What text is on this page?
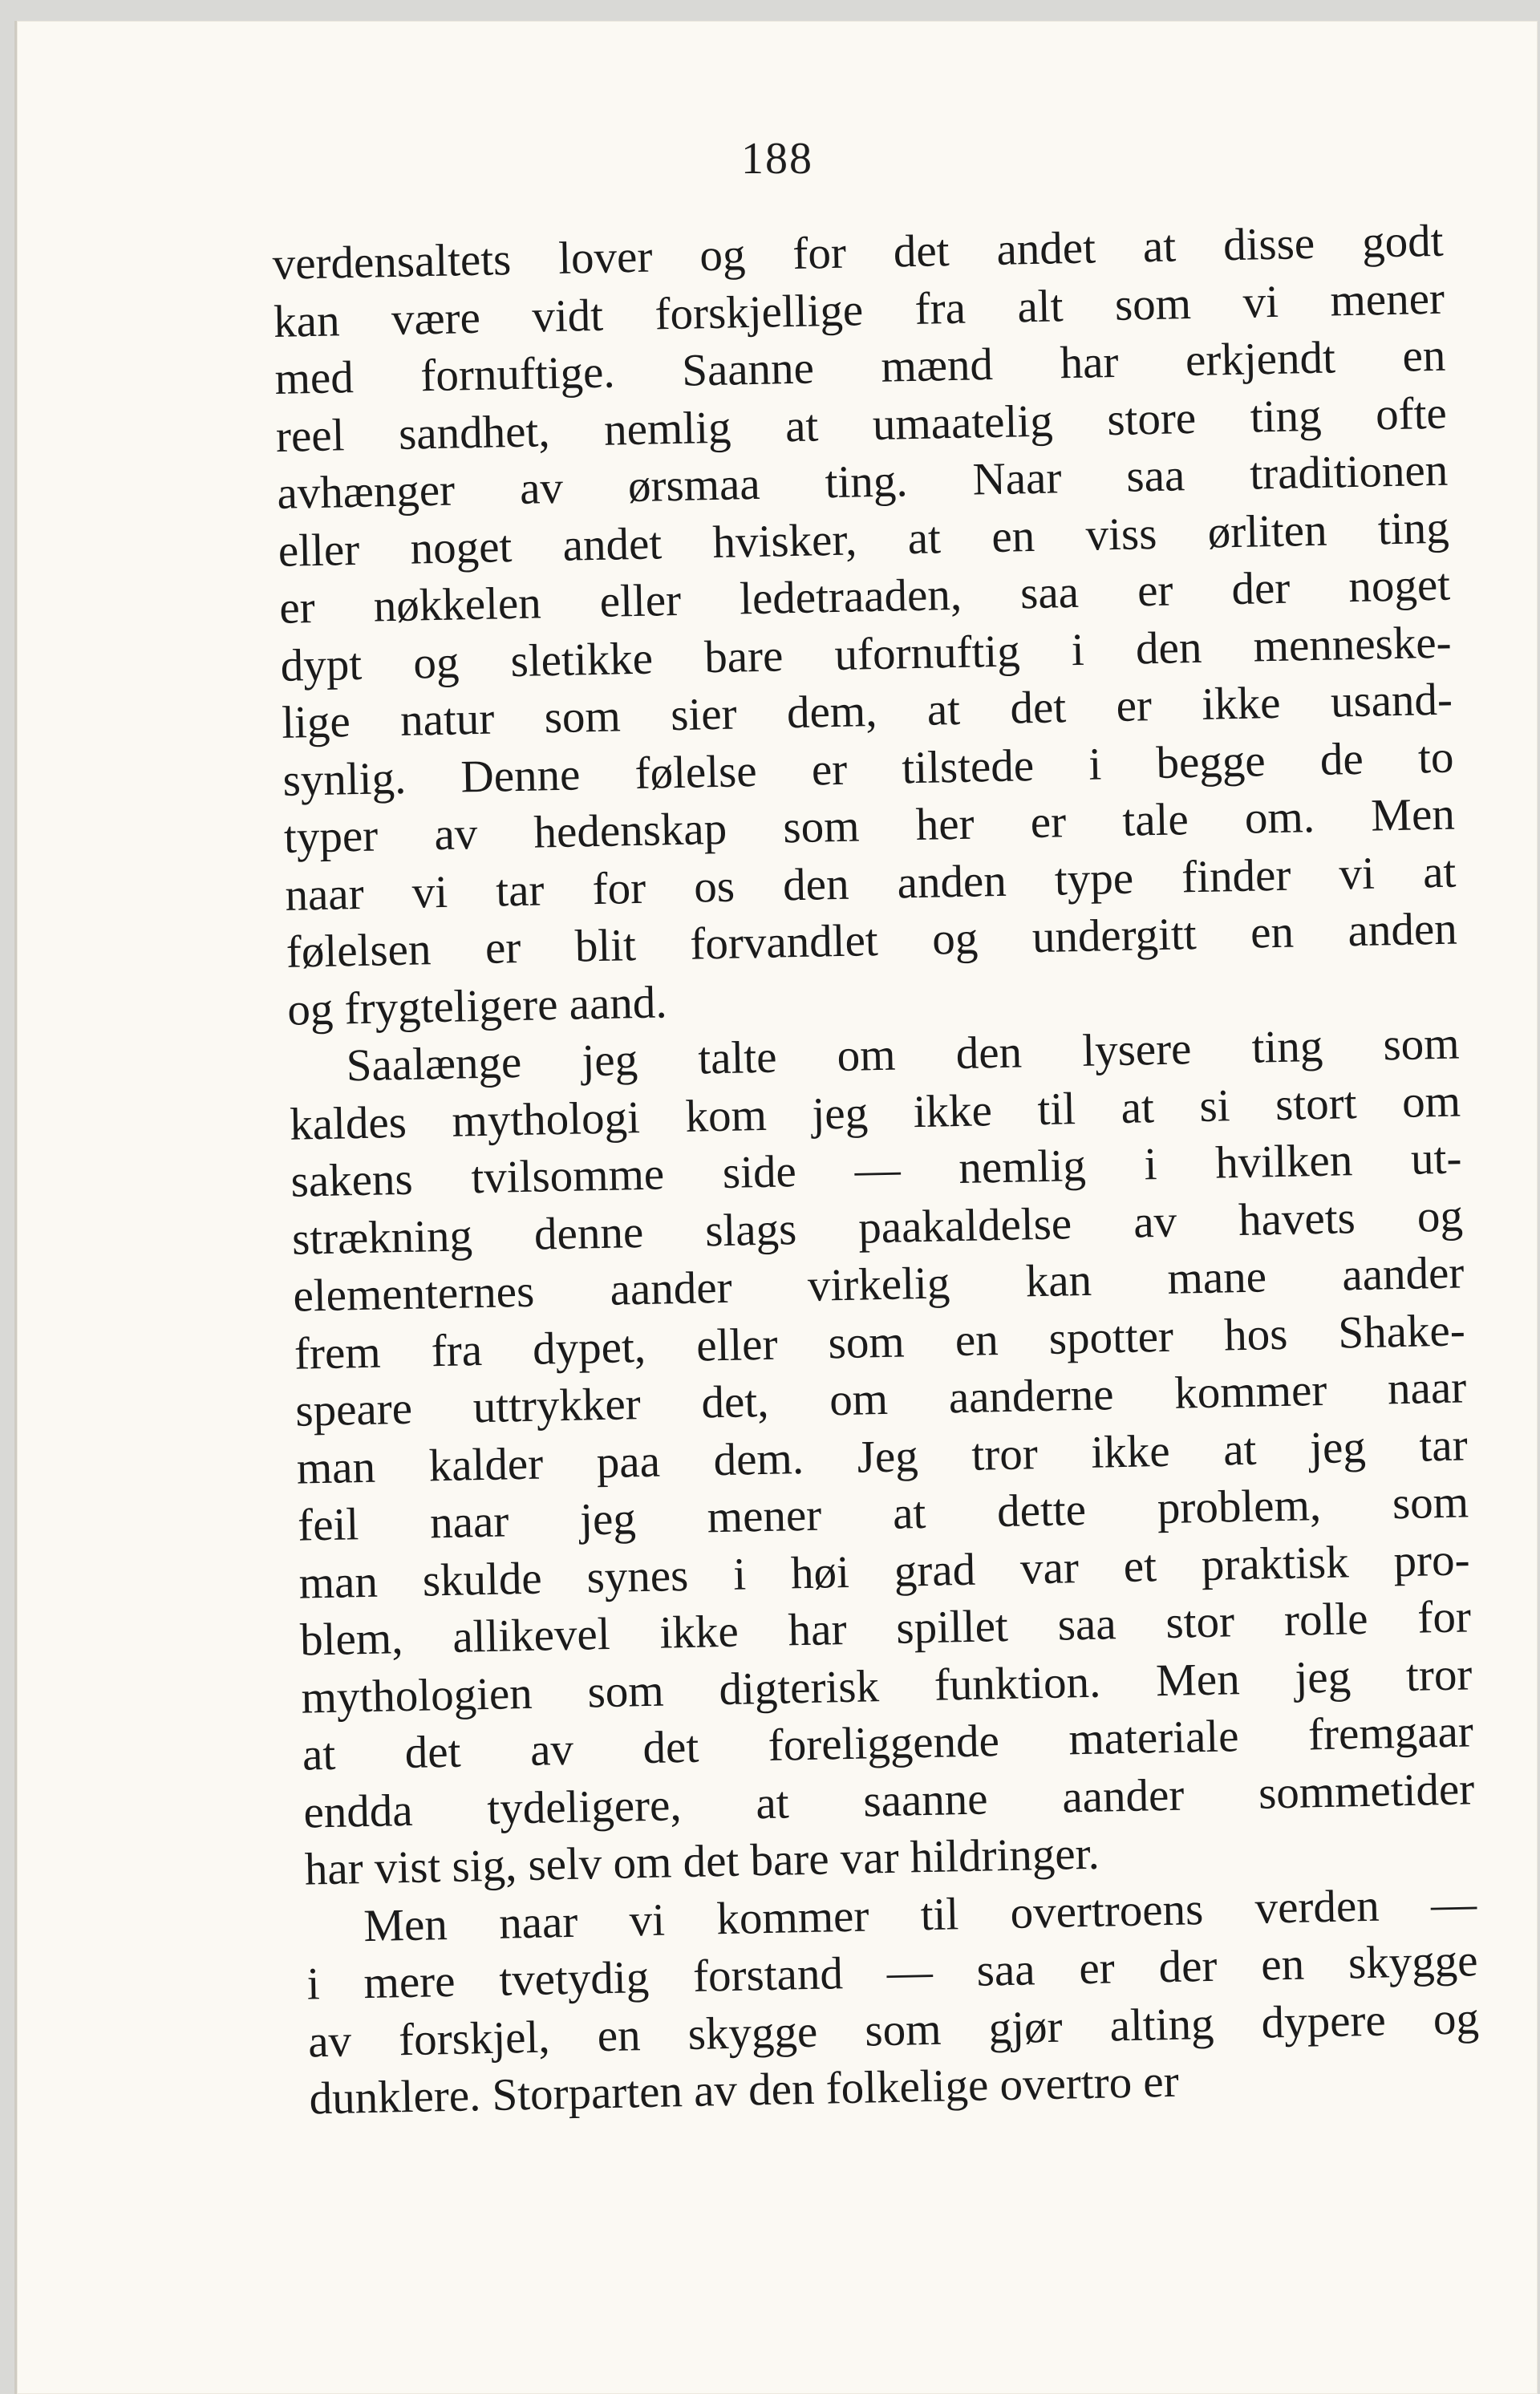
188
verdensaltets lover og for det andet at disse godt
kan være vidt forskjellige fra alt som vi mener
med fornuftige. Saanne mænd har erkjendt en
reel sandhet, nemlig at umaatelig store ting ofte
avhænger av ørsmaa ting. Naar saa traditionen
eller noget andet hvisker, at en viss ørliten ting
er nøkkelen eller ledetraaden, saa er der noget
dypt og sletikke bare ufornuftig i den menneske-
lige natur som sier dem, at det er ikke usand-
synlig. Denne følelse er tilstede i begge de to
typer av hedenskap som her er tale om. Men
naar vi tar for os den anden type finder vi at
følelsen er blit forvandlet og undergitt en anden
og frygteligere aand.
Saalænge jeg talte om den lysere ting som
kaldes mythologi kom jeg ikke til at si stort om
sakens tvilsomme side — nemlig i hvilken ut-
strækning denne slags paakaldelse av havets og
elementernes aander virkelig kan mane aander
frem fra dypet, eller som en spotter hos Shake-
speare uttrykker det, om aanderne kommer naar
man kalder paa dem. Jeg tror ikke at jeg tar
feil naar jeg mener at dette problem, som
man skulde synes i høi grad var et praktisk pro-
blem, allikevel ikke har spillet saa stor rolle for
mythologien som digterisk funktion. Men jeg tror
at det av det foreliggende materiale fremgaar
endda tydeligere, at saanne aander sommetider
har vist sig, selv om det bare var hildringer.
Men naar vi kommer til overtroens verden —
i mere tvetydig forstand — saa er der en skygge
av forskjel, en skygge som gjør alting dypere og
dunklere. Storparten av den folkelige overtro er
